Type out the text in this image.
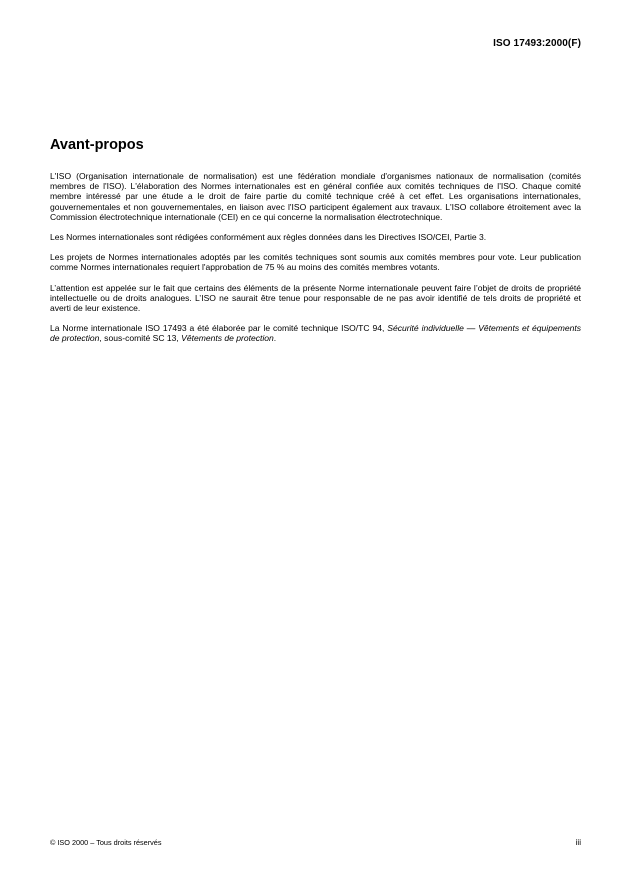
ISO 17493:2000(F)
Avant-propos

L'ISO (Organisation internationale de normalisation) est une fédération mondiale d'organismes nationaux de normalisation (comités membres de l'ISO). L'élaboration des Normes internationales est en général confiée aux comités techniques de l'ISO. Chaque comité membre intéressé par une étude a le droit de faire partie du comité technique créé à cet effet. Les organisations internationales, gouvernementales et non gouvernementales, en liaison avec l'ISO participent également aux travaux. L'ISO collabore étroitement avec la Commission électrotechnique internationale (CEI) en ce qui concerne la normalisation électrotechnique.

Les Normes internationales sont rédigées conformément aux règles données dans les Directives ISO/CEI, Partie 3.

Les projets de Normes internationales adoptés par les comités techniques sont soumis aux comités membres pour vote. Leur publication comme Normes internationales requiert l'approbation de 75 % au moins des comités membres votants.

L’attention est appelée sur le fait que certains des éléments de la présente Norme internationale peuvent faire l’objet de droits de propriété intellectuelle ou de droits analogues. L’ISO ne saurait être tenue pour responsable de ne pas avoir identifié de tels droits de propriété et averti de leur existence.

La Norme internationale ISO 17493 a été élaborée par le comité technique ISO/TC 94, Sécurité individuelle — Vêtements et équipements de protection, sous-comité SC 13, Vêtements de protection.

© ISO 2000 – Tous droits réservés	iii
